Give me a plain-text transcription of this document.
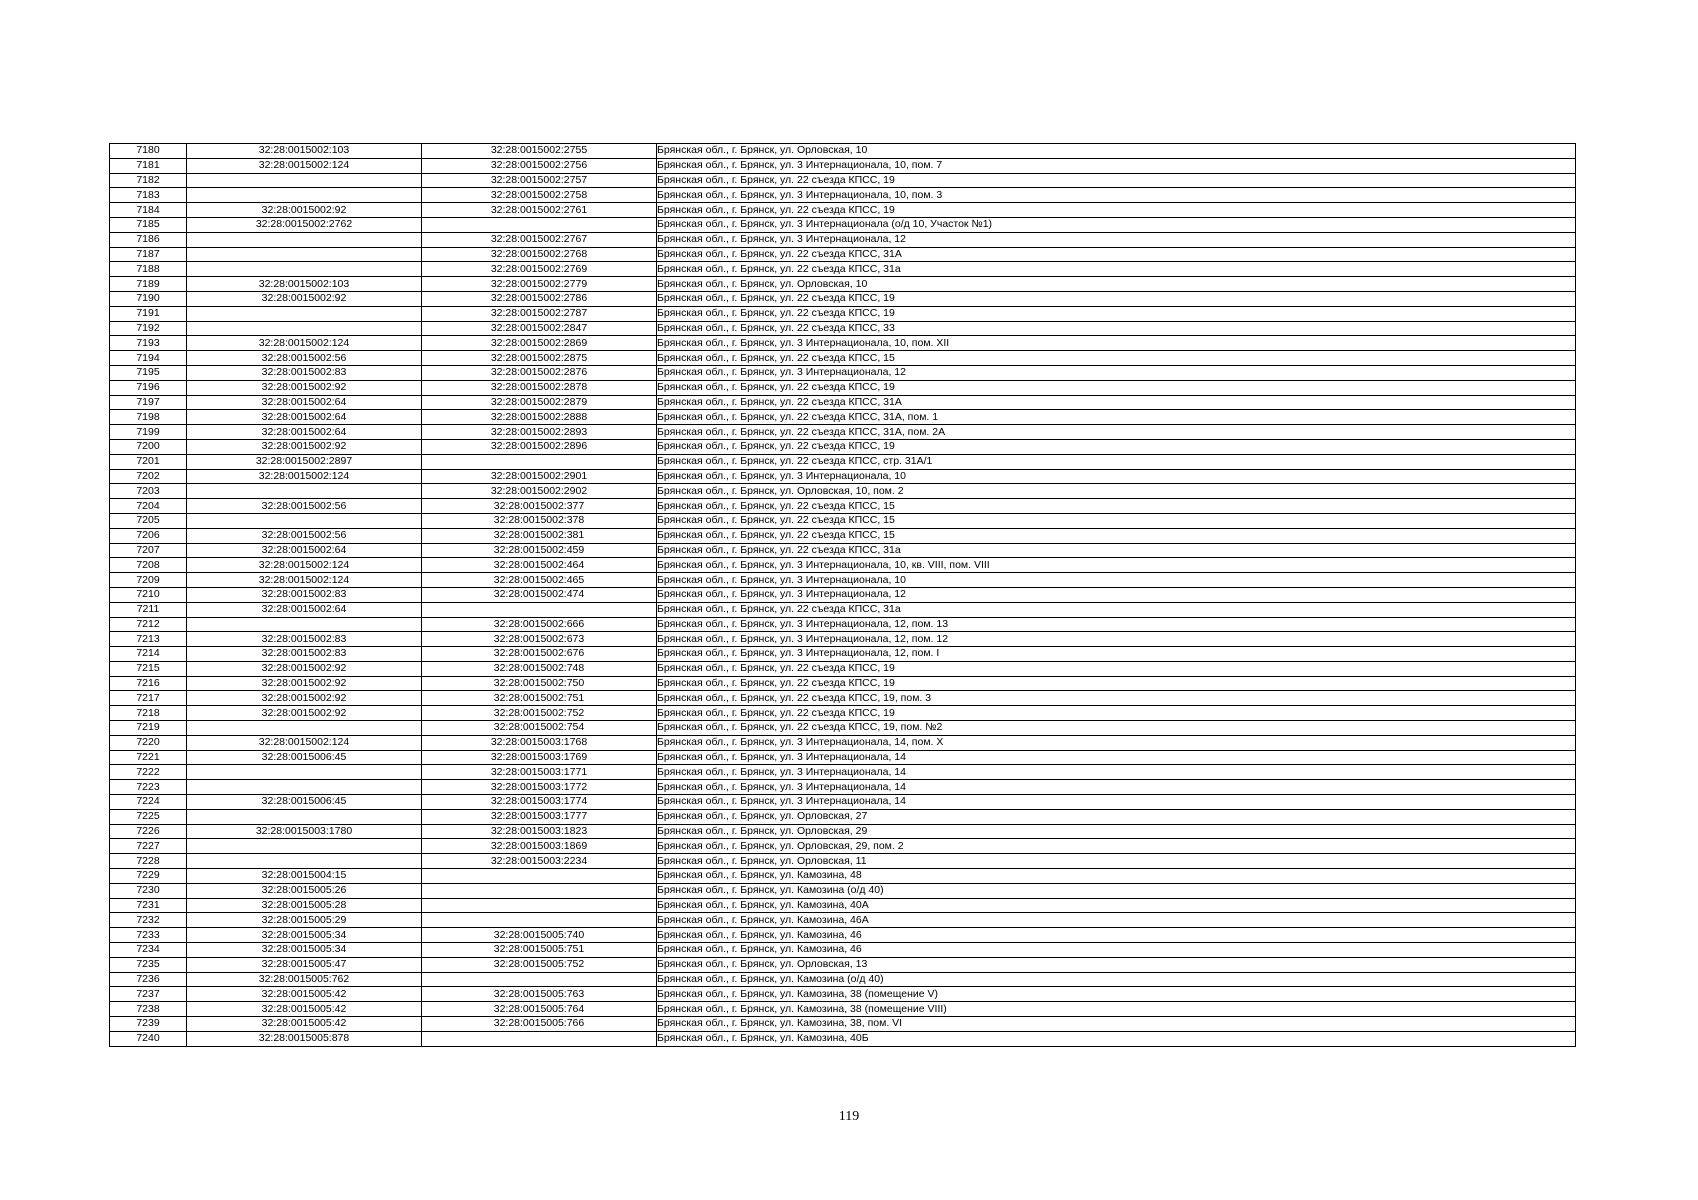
7180	32:28:0015002:103	32:28:0015002:2755	Брянская обл., г. Брянск, ул. Орловская, 10
7181	32:28:0015002:124	32:28:0015002:2756	Брянская обл., г. Брянск, ул. 3 Интернационала, 10, пом. 7
7182		32:28:0015002:2757	Брянская обл., г. Брянск, ул. 22 съезда КПСС, 19
7183		32:28:0015002:2758	Брянская обл., г. Брянск, ул. 3 Интернационала, 10, пом. 3
7184	32:28:0015002:92	32:28:0015002:2761	Брянская обл., г. Брянск, ул. 22 съезда КПСС, 19
7185	32:28:0015002:2762		Брянская обл., г. Брянск, ул. 3 Интернационала (о/д 10, Участок №1)
7186		32:28:0015002:2767	Брянская обл., г. Брянск, ул. 3 Интернационала, 12
7187		32:28:0015002:2768	Брянская обл., г. Брянск, ул. 22 съезда КПСС, 31А
7188		32:28:0015002:2769	Брянская обл., г. Брянск, ул. 22 съезда КПСС, 31а
7189	32:28:0015002:103	32:28:0015002:2779	Брянская обл., г. Брянск, ул. Орловская, 10
7190	32:28:0015002:92	32:28:0015002:2786	Брянская обл., г. Брянск, ул. 22 съезда КПСС, 19
7191		32:28:0015002:2787	Брянская обл., г. Брянск, ул. 22 съезда КПСС, 19
7192		32:28:0015002:2847	Брянская обл., г. Брянск, ул. 22 съезда КПСС, 33
7193	32:28:0015002:124	32:28:0015002:2869	Брянская обл., г. Брянск, ул. 3 Интернационала, 10, пом. XII
7194	32:28:0015002:56	32:28:0015002:2875	Брянская обл., г. Брянск, ул. 22 съезда КПСС, 15
7195	32:28:0015002:83	32:28:0015002:2876	Брянская обл., г. Брянск, ул. 3 Интернационала, 12
7196	32:28:0015002:92	32:28:0015002:2878	Брянская обл., г. Брянск, ул. 22 съезда КПСС, 19
7197	32:28:0015002:64	32:28:0015002:2879	Брянская обл., г. Брянск, ул. 22 съезда КПСС, 31А
7198	32:28:0015002:64	32:28:0015002:2888	Брянская обл., г. Брянск, ул. 22 съезда КПСС, 31А, пом. 1
7199	32:28:0015002:64	32:28:0015002:2893	Брянская обл., г. Брянск, ул. 22 съезда КПСС, 31А, пом. 2А
7200	32:28:0015002:92	32:28:0015002:2896	Брянская обл., г. Брянск, ул. 22 съезда КПСС, 19
7201	32:28:0015002:2897		Брянская обл., г. Брянск, ул. 22 съезда КПСС, стр. 31А/1
7202	32:28:0015002:124	32:28:0015002:2901	Брянская обл., г. Брянск, ул. 3 Интернационала, 10
7203		32:28:0015002:2902	Брянская обл., г. Брянск, ул. Орловская, 10, пом. 2
7204	32:28:0015002:56	32:28:0015002:377	Брянская обл., г. Брянск, ул. 22 съезда КПСС, 15
7205		32:28:0015002:378	Брянская обл., г. Брянск, ул. 22 съезда КПСС, 15
7206	32:28:0015002:56	32:28:0015002:381	Брянская обл., г. Брянск, ул. 22 съезда КПСС, 15
7207	32:28:0015002:64	32:28:0015002:459	Брянская обл., г. Брянск, ул. 22 съезда КПСС, 31а
7208	32:28:0015002:124	32:28:0015002:464	Брянская обл., г. Брянск, ул. 3 Интернационала, 10, кв. VIII, пом. VIII
7209	32:28:0015002:124	32:28:0015002:465	Брянская обл., г. Брянск, ул. 3 Интернационала, 10
7210	32:28:0015002:83	32:28:0015002:474	Брянская обл., г. Брянск, ул. 3 Интернационала, 12
7211	32:28:0015002:64		Брянская обл., г. Брянск, ул. 22 съезда КПСС, 31а
7212		32:28:0015002:666	Брянская обл., г. Брянск, ул. 3 Интернационала, 12, пом. 13
7213	32:28:0015002:83	32:28:0015002:673	Брянская обл., г. Брянск, ул. 3 Интернационала, 12, пом. 12
7214	32:28:0015002:83	32:28:0015002:676	Брянская обл., г. Брянск, ул. 3 Интернационала, 12, пом. I
7215	32:28:0015002:92	32:28:0015002:748	Брянская обл., г. Брянск, ул. 22 съезда КПСС, 19
7216	32:28:0015002:92	32:28:0015002:750	Брянская обл., г. Брянск, ул. 22 съезда КПСС, 19
7217	32:28:0015002:92	32:28:0015002:751	Брянская обл., г. Брянск, ул. 22 съезда КПСС, 19, пом. 3
7218	32:28:0015002:92	32:28:0015002:752	Брянская обл., г. Брянск, ул. 22 съезда КПСС, 19
7219		32:28:0015002:754	Брянская обл., г. Брянск, ул. 22 съезда КПСС, 19, пом. №2
7220	32:28:0015002:124	32:28:0015003:1768	Брянская обл., г. Брянск, ул. 3 Интернационала, 14, пом. X
7221	32:28:0015006:45	32:28:0015003:1769	Брянская обл., г. Брянск, ул. 3 Интернационала, 14
7222		32:28:0015003:1771	Брянская обл., г. Брянск, ул. 3 Интернационала, 14
7223		32:28:0015003:1772	Брянская обл., г. Брянск, ул. 3 Интернационала, 14
7224	32:28:0015006:45	32:28:0015003:1774	Брянская обл., г. Брянск, ул. 3 Интернационала, 14
7225		32:28:0015003:1777	Брянская обл., г. Брянск, ул. Орловская, 27
7226	32:28:0015003:1780	32:28:0015003:1823	Брянская обл., г. Брянск, ул. Орловская, 29
7227		32:28:0015003:1869	Брянская обл., г. Брянск, ул. Орловская, 29, пом. 2
7228		32:28:0015003:2234	Брянская обл., г. Брянск, ул. Орловская, 11
7229	32:28:0015004:15		Брянская обл., г. Брянск, ул. Камозина, 48
7230	32:28:0015005:26		Брянская обл., г. Брянск, ул. Камозина (о/д 40)
7231	32:28:0015005:28		Брянская обл., г. Брянск, ул. Камозина, 40А
7232	32:28:0015005:29		Брянская обл., г. Брянск, ул. Камозина, 46А
7233	32:28:0015005:34	32:28:0015005:740	Брянская обл., г. Брянск, ул. Камозина, 46
7234	32:28:0015005:34	32:28:0015005:751	Брянская обл., г. Брянск, ул. Камозина, 46
7235	32:28:0015005:47	32:28:0015005:752	Брянская обл., г. Брянск, ул. Орловская, 13
7236	32:28:0015005:762		Брянская обл., г. Брянск, ул. Камозина (о/д 40)
7237	32:28:0015005:42	32:28:0015005:763	Брянская обл., г. Брянск, ул. Камозина, 38 (помещение V)
7238	32:28:0015005:42	32:28:0015005:764	Брянская обл., г. Брянск, ул. Камозина, 38 (помещение VIII)
7239	32:28:0015005:42	32:28:0015005:766	Брянская обл., г. Брянск, ул. Камозина, 38, пом. VI
7240	32:28:0015005:878		Брянская обл., г. Брянск, ул. Камозина, 40Б
119
